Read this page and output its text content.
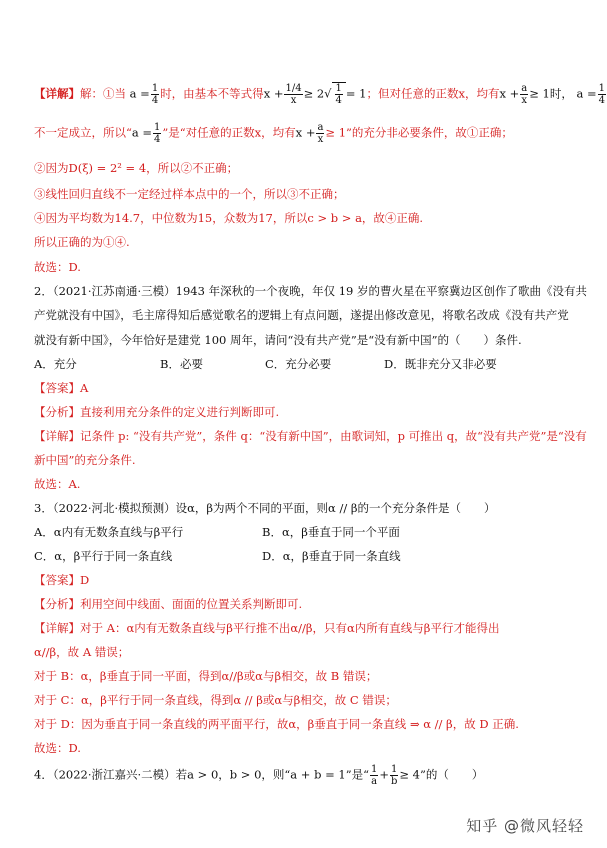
【详解】解：①当 $a = \frac{1}{4}$ 时，由基本不等式得$x + \frac{1/4}{x} \ge 2√ \frac{1}{4} = 1$；但对任意的正数x，均有$x + \frac{a}{x} \ge 1$时， $a = \frac{1}{4}$
不一定成立，所以“$a = \frac{1}{4}$ ”是“对任意的正数x，均有$x + \frac{a}{x} \ge 1$”的充分非必要条件，故①正确；
②因为D(ξ) = 2² = 4，所以②不正确；
③线性回归直线不一定经过样本点中的一个，所以③不正确；
④因为平均数为14.7，中位数为15，众数为17，所以c > b > a，故④正确.
所以正确的为①④.
故选：D.
2．（2021·江苏南通·三模）1943 年深秋的一个夜晚，年仅 19 岁的曹火星在平察冀边区创作了歌曲《没有共
产党就没有中国》，毛主席得知后感觉歌名的逻辑上有点问题，遂提出修改意见，将歌名改成《没有共产党
就没有新中国》，今年恰好是建党 100 周年，请问“没有共产党”是“没有新中国”的（　　）条件.
A．充分	B．必要	C．充分必要	D．既非充分又非必要
【答案】A
【分析】直接利用充分条件的定义进行判断即可.
【详解】记条件 p: “没有共产党”，条件 q：“没有新中国”，由歌词知，p 可推出 q，故“没有共产党”是“没有
新中国”的充分条件.
故选：A.
3．（2022·河北·模拟预测）设α，β为两个不同的平面，则α // β的一个充分条件是（　　）
A．α内有无数条直线与β平行	B．α，β垂直于同一个平面
C．α，β平行于同一条直线	D．α，β垂直于同一条直线
【答案】D
【分析】利用空间中线面、面面的位置关系判断即可.
【详解】对于 A：α内有无数条直线与β平行推不出α//β，只有α内所有直线与β平行才能得出
α//β，故 A 错误；
对于 B：α，β垂直于同一平面，得到α//β或α与β相交，故 B 错误；
对于 C：α，β平行于同一条直线，得到α // β或α与β相交，故 C 错误；
对于 D：因为垂直于同一条直线的两平面平行，故α，β垂直于同一条直线 ⇒ α // β，故 D 正确.
故选：D.
4．（2022·浙江嘉兴·二模）若a > 0，b > 0，则“a + b = 1”是“ $\frac{1}{a} + \frac{1}{b} \ge 4$”的（　　）
知乎 @微风轻轻
